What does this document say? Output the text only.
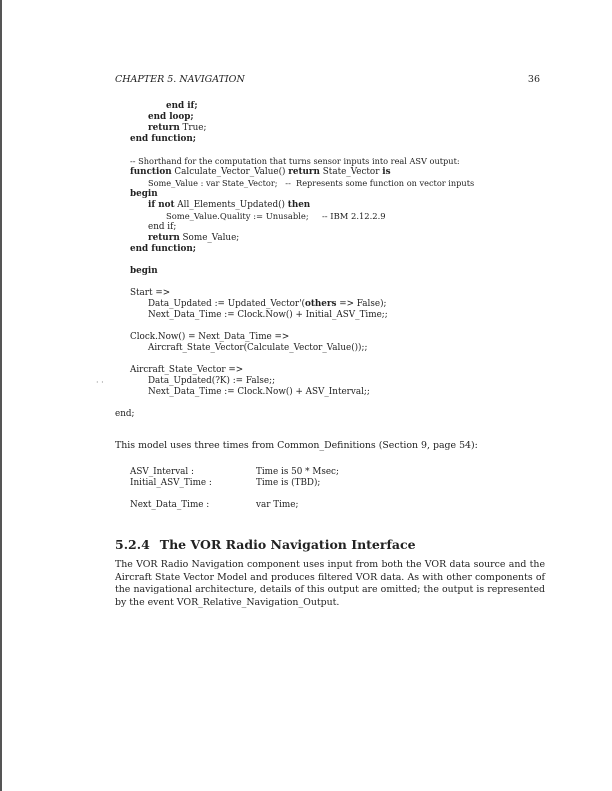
CHAPTER 5. NAVIGATION	36
end if;
end loop;
return True;
end function;
-- Shorthand for the computation that turns sensor inputs into real ASV output:
function Calculate_Vector_Value() return State_Vector is
Some_Value : var State_Vector;   --  Represents some function on vector inputs
begin
if not All_Elements_Updated() then
Some_Value.Quality := Unusable;     -- IBM 2.12.2.9
end if;
return Some_Value;
end function;
begin
Start =>
Data_Updated := Updated_Vector'(others => False);
Next_Data_Time := Clock.Now() + Initial_ASV_Time;;
Clock.Now() = Next_Data_Time =>
Aircraft_State_Vector(Calculate_Vector_Value());;
Aircraft_State_Vector =>
Data_Updated(?K) := False;;
Next_Data_Time := Clock.Now() + ASV_Interval;;
end;
· ·
This model uses three times from Common_Definitions (Section 9, page 54):
ASV_Interval :	Time is 50 * Msec;
Initial_ASV_Time :	Time is (TBD);
Next_Data_Time :	var Time;
5.2.4 The VOR Radio Navigation Interface
The VOR Radio Navigation component uses input from both the VOR data source and the Aircraft State Vector Model and produces filtered VOR data. As with other components of the navigational architecture, details of this output are omitted; the output is represented by the event VOR_Relative_Navigation_Output.
